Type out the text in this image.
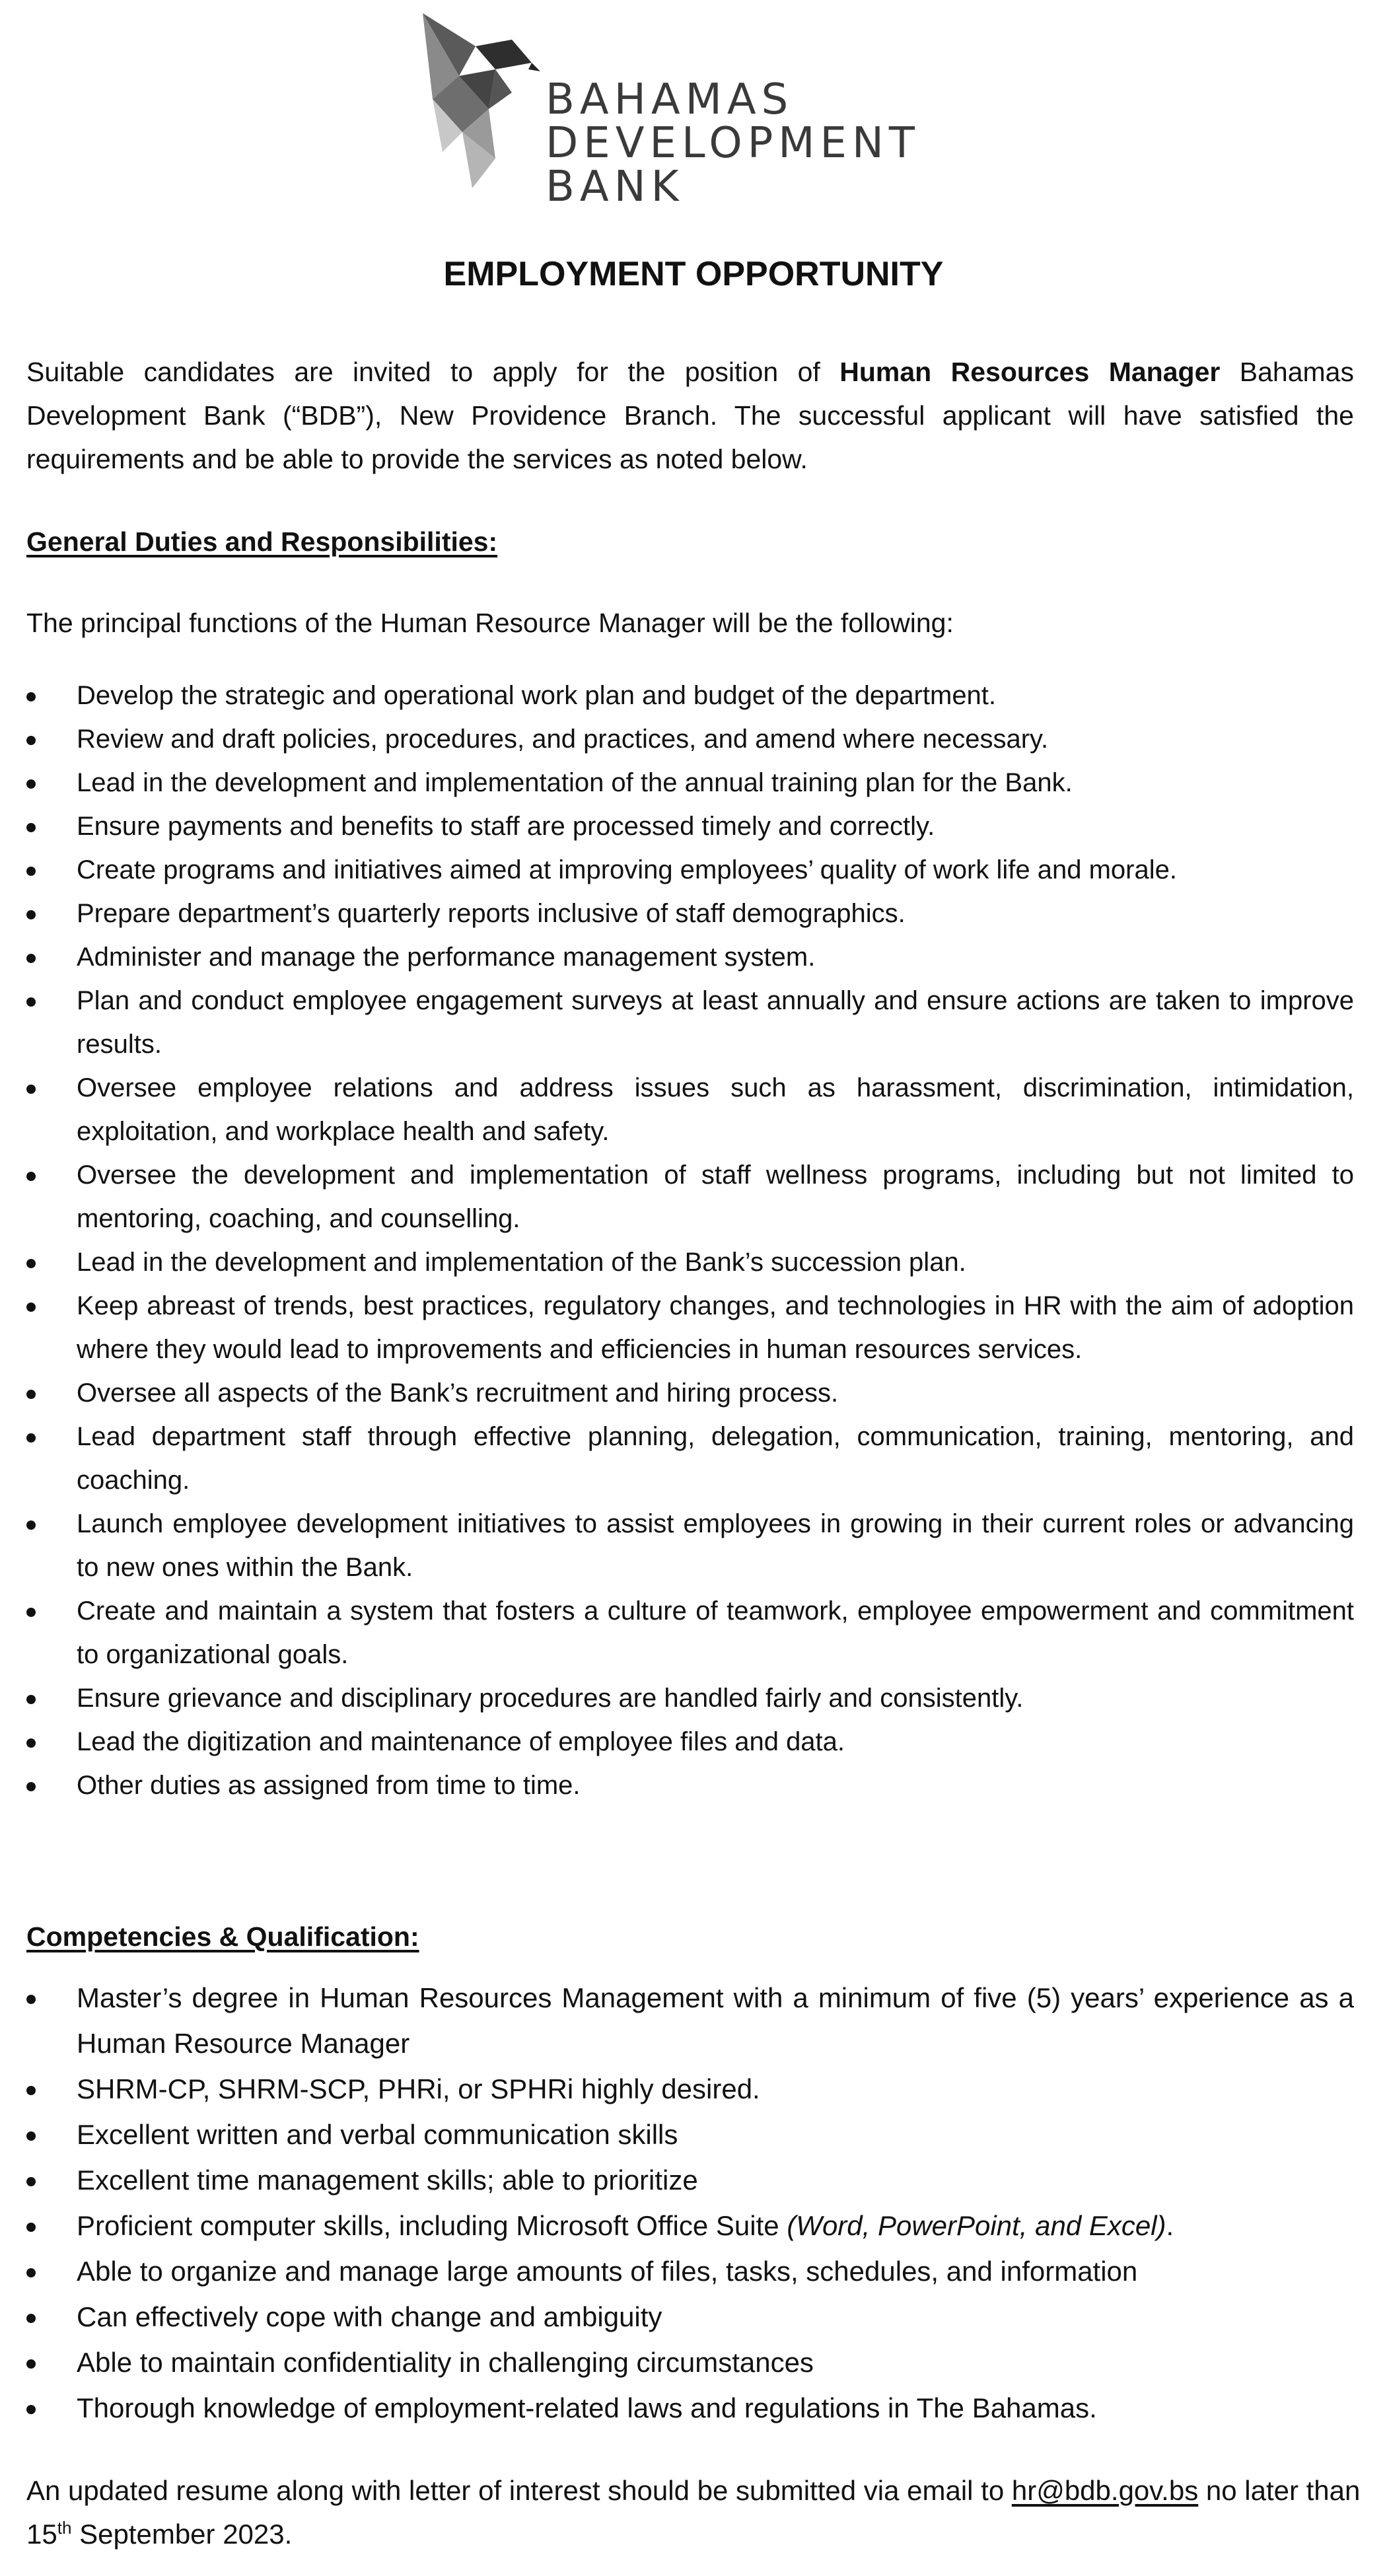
BAHAMAS
DEVELOPMENT
BANK
EMPLOYMENT OPPORTUNITY
Suitable candidates are invited to apply for the position of Human Resources Manager Bahamas Development Bank (“BDB”), New Providence Branch. The successful applicant will have satisfied the requirements and be able to provide the services as noted below.
General Duties and Responsibilities:
The principal functions of the Human Resource Manager will be the following:
Develop the strategic and operational work plan and budget of the department.
Review and draft policies, procedures, and practices, and amend where necessary.
Lead in the development and implementation of the annual training plan for the Bank.
Ensure payments and benefits to staff are processed timely and correctly.
Create programs and initiatives aimed at improving employees’ quality of work life and morale.
Prepare department’s quarterly reports inclusive of staff demographics.
Administer and manage the performance management system.
Plan and conduct employee engagement surveys at least annually and ensure actions are taken to improve results.
Oversee employee relations and address issues such as harassment, discrimination, intimidation, exploitation, and workplace health and safety.
Oversee the development and implementation of staff wellness programs, including but not limited to mentoring, coaching, and counselling.
Lead in the development and implementation of the Bank’s succession plan.
Keep abreast of trends, best practices, regulatory changes, and technologies in HR with the aim of adoption where they would lead to improvements and efficiencies in human resources services.
Oversee all aspects of the Bank’s recruitment and hiring process.
Lead department staff through effective planning, delegation, communication, training, mentoring, and coaching.
Launch employee development initiatives to assist employees in growing in their current roles or advancing to new ones within the Bank.
Create and maintain a system that fosters a culture of teamwork, employee empowerment and commitment to organizational goals.
Ensure grievance and disciplinary procedures are handled fairly and consistently.
Lead the digitization and maintenance of employee files and data.
Other duties as assigned from time to time.
Competencies & Qualification:
Master’s degree in Human Resources Management with a minimum of five (5) years’ experience as a Human Resource Manager
SHRM-CP, SHRM-SCP, PHRi, or SPHRi highly desired.
Excellent written and verbal communication skills
Excellent time management skills; able to prioritize
Proficient computer skills, including Microsoft Office Suite (Word, PowerPoint, and Excel).
Able to organize and manage large amounts of files, tasks, schedules, and information
Can effectively cope with change and ambiguity
Able to maintain confidentiality in challenging circumstances
Thorough knowledge of employment-related laws and regulations in The Bahamas.
An updated resume along with letter of interest should be submitted via email to hr@bdb.gov.bs no later than 15th September 2023.
